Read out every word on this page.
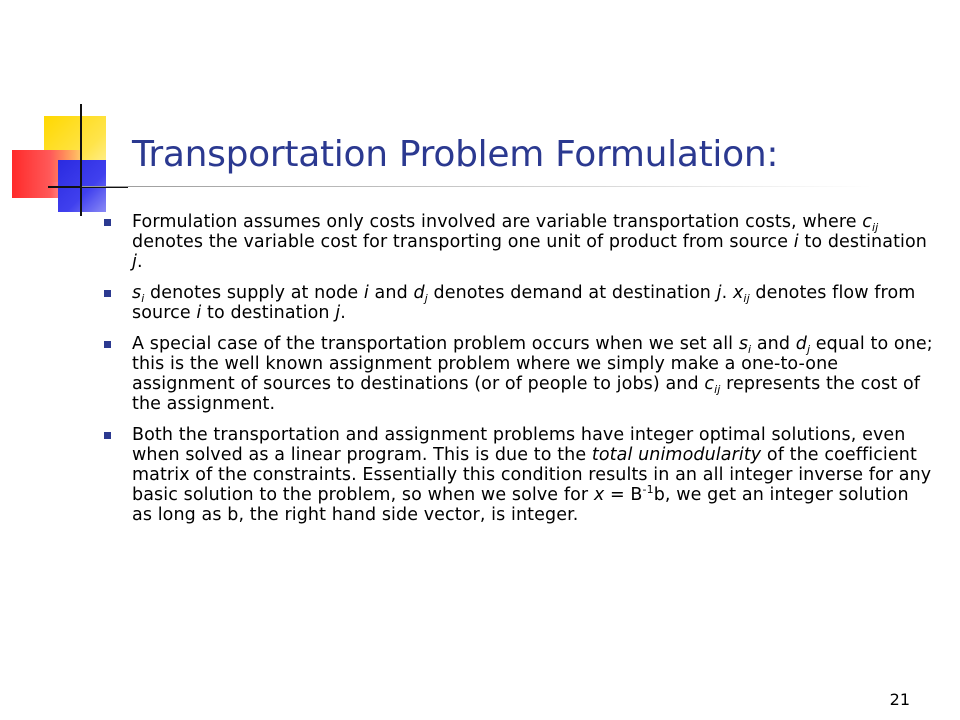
Transportation Problem Formulation:
Formulation assumes only costs involved are variable transportation costs, where $c_{ij}$ denotes the variable cost for transporting one unit of product from source i to destination j.
$s_i$ denotes supply at node i and $d_j$ denotes demand at destination j. $x_{ij}$ denotes flow from source i to destination j.
A special case of the transportation problem occurs when we set all $s_i$ and $d_j$ equal to one; this is the well known assignment problem where we simply make a one-to-one assignment of sources to destinations (or of people to jobs) and $c_{ij}$ represents the cost of the assignment.
Both the transportation and assignment problems have integer optimal solutions, even when solved as a linear program. This is due to the total unimodularity of the coefficient matrix of the constraints. Essentially this condition results in an all integer inverse for any basic solution to the problem, so when we solve for $x = B^{-1}b$, we get an integer solution as long as b, the right hand side vector, is integer.
21
